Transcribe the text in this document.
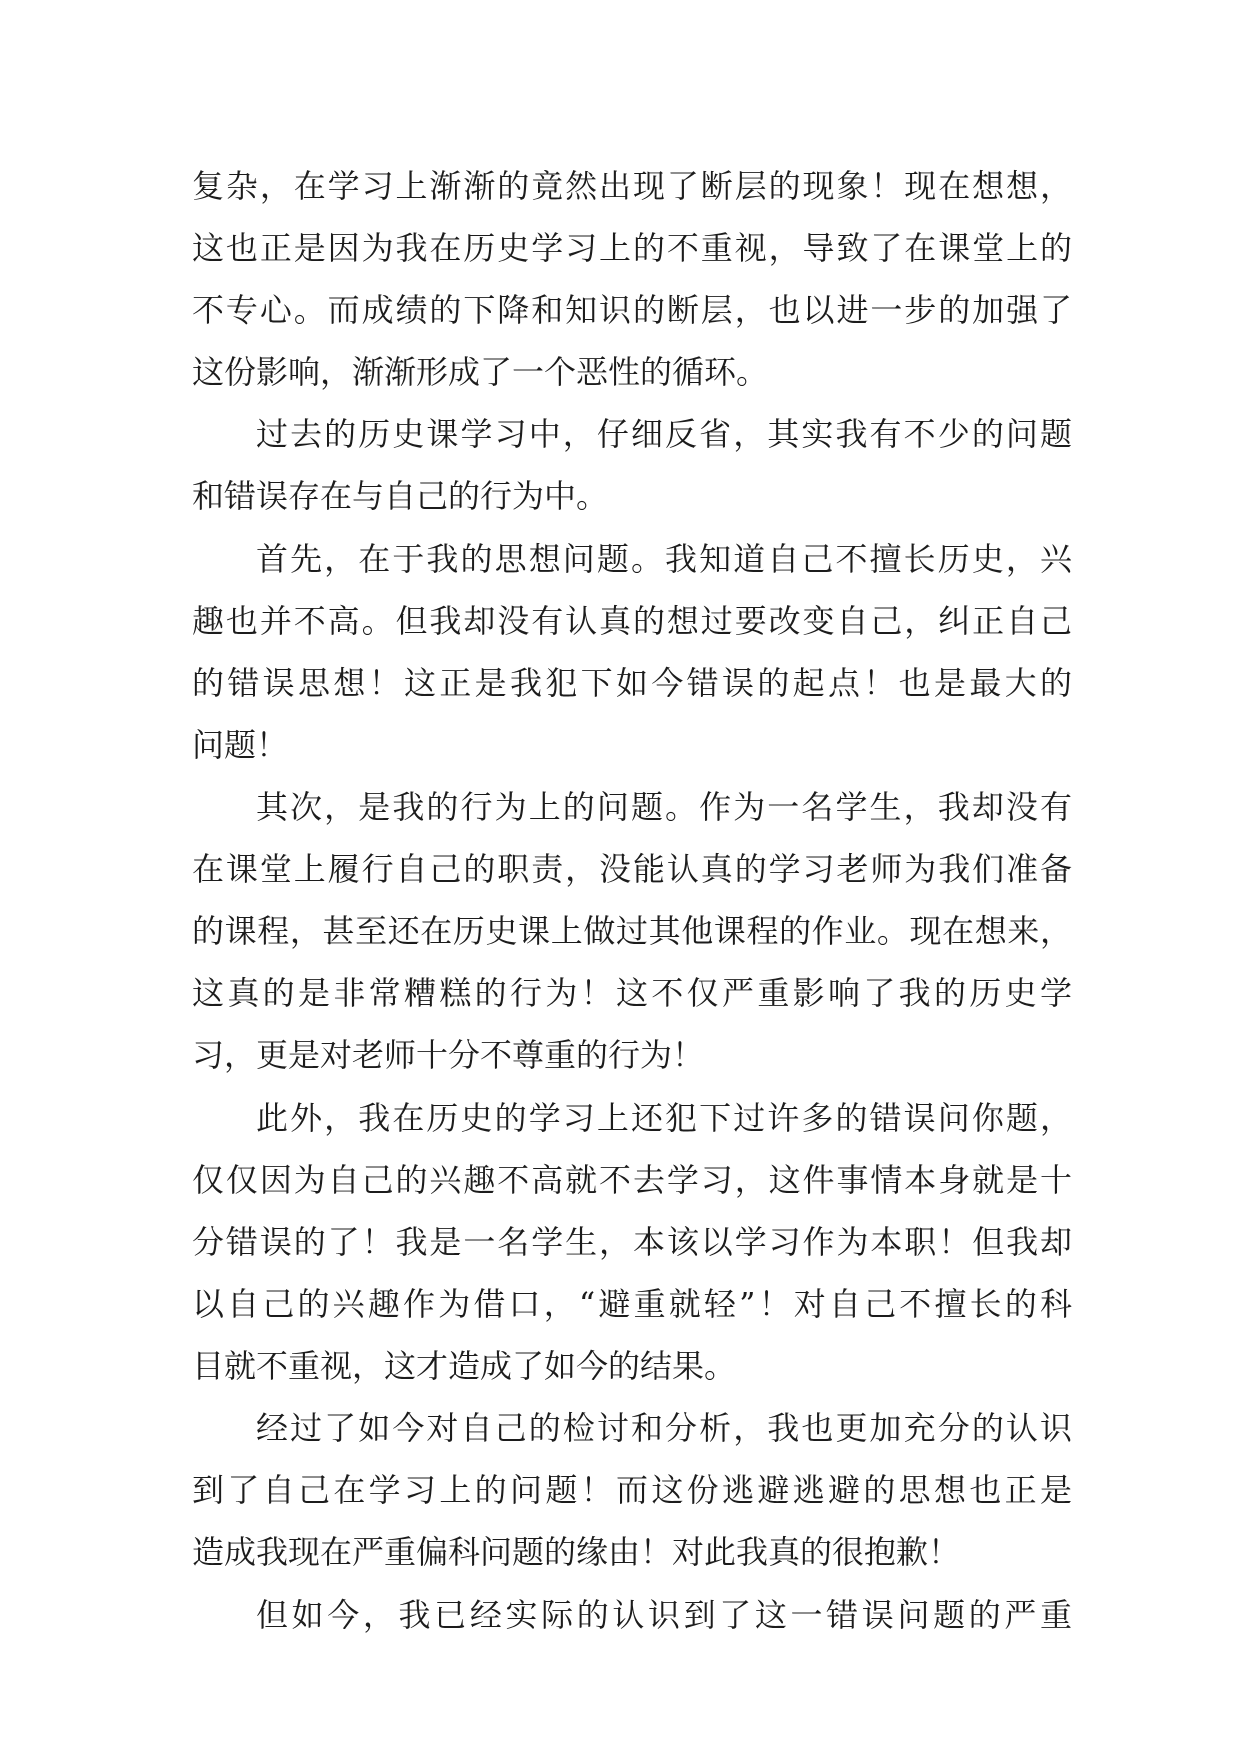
复杂，在学习上渐渐的竟然出现了断层的现象！现在想想，
这也正是因为我在历史学习上的不重视，导致了在课堂上的
不专心。而成绩的下降和知识的断层，也以进一步的加强了
这份影响，渐渐形成了一个恶性的循环。
过去的历史课学习中，仔细反省，其实我有不少的问题
和错误存在与自己的行为中。
首先，在于我的思想问题。我知道自己不擅长历史，兴
趣也并不高。但我却没有认真的想过要改变自己，纠正自己
的错误思想！这正是我犯下如今错误的起点！也是最大的
问题！
其次，是我的行为上的问题。作为一名学生，我却没有
在课堂上履行自己的职责，没能认真的学习老师为我们准备
的课程，甚至还在历史课上做过其他课程的作业。现在想来，
这真的是非常糟糕的行为！这不仅严重影响了我的历史学
习，更是对老师十分不尊重的行为！
此外，我在历史的学习上还犯下过许多的错误问你题，
仅仅因为自己的兴趣不高就不去学习，这件事情本身就是十
分错误的了！我是一名学生，本该以学习作为本职！但我却
以自己的兴趣作为借口，“避重就轻”！对自己不擅长的科
目就不重视，这才造成了如今的结果。
经过了如今对自己的检讨和分析，我也更加充分的认识
到了自己在学习上的问题！而这份逃避逃避的思想也正是
造成我现在严重偏科问题的缘由！对此我真的很抱歉！
但如今，我已经实际的认识到了这一错误问题的严重
